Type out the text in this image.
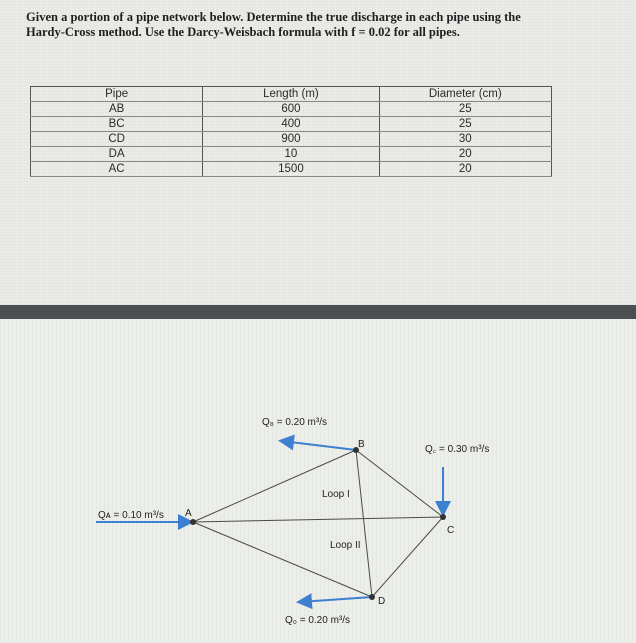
Given a portion of a pipe network below. Determine the true discharge in each pipe using the
Hardy-Cross method. Use the Darcy-Weisbach formula with f = 0.02 for all pipes.
Pipe	Length (m)	Diameter (cm)
AB	600	25
BC	400	25
CD	900	30
DA	10	20
AC	1500	20
Qᴀ = 0.10 m³/s A
Q₈ = 0.20 m³/s
B	Q꜀ = 0.30 m³/s
C
Q₀ = 0.20 m³/s
D
Loop I
Loop II
